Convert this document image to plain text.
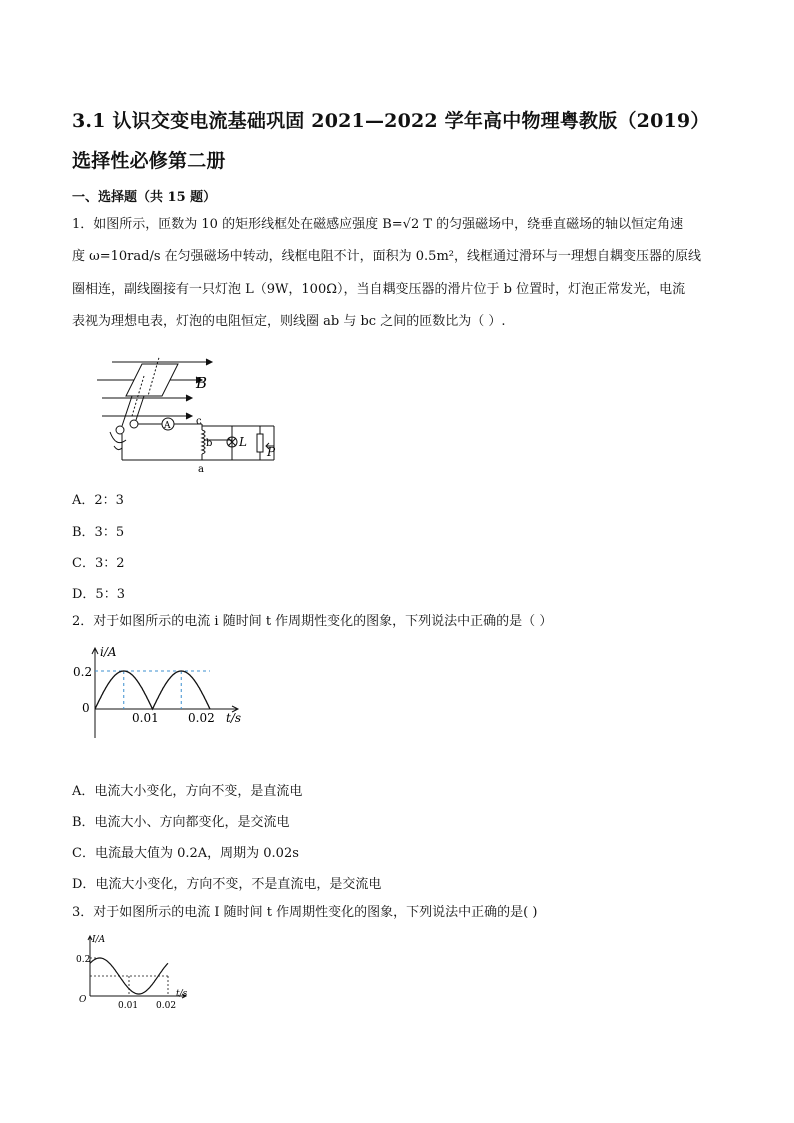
3.1 认识交变电流基础巩固 2021—2022 学年高中物理粤教版（2019）
选择性必修第二册
一、选择题（共 15 题）
1．如图所示，匝数为 10 的矩形线框处在磁感应强度 B=√2 T 的匀强磁场中，绕垂直磁场的轴以恒定角速
度 ω=10rad/s 在匀强磁场中转动，线框电阻不计，面积为 0.5m²，线框通过滑环与一理想自耦变压器的原线
圈相连，副线圈接有一只灯泡 L（9W，100Ω），当自耦变压器的滑片位于 b 位置时，灯泡正常发光，电流
表视为理想电表，灯泡的电阻恒定，则线圈 ab 与 bc 之间的匝数比为（ ）.
B
A	c
b
a
L
P
A．2：3
B．3：5
C．3：2
D．5：3
2．对于如图所示的电流 i 随时间 t 作周期性变化的图象，下列说法中正确的是（ ）
i/A
0.2
0
0.01 0.02 t/s
A．电流大小变化，方向不变，是直流电
B．电流大小、方向都变化，是交流电
C．电流最大值为 0.2A，周期为 0.02s
D．电流大小变化，方向不变，不是直流电，是交流电
3．对于如图所示的电流 I 随时间 t 作周期性变化的图象，下列说法中正确的是( )
I/A
0.2
O
0.01 0.02
t/s
